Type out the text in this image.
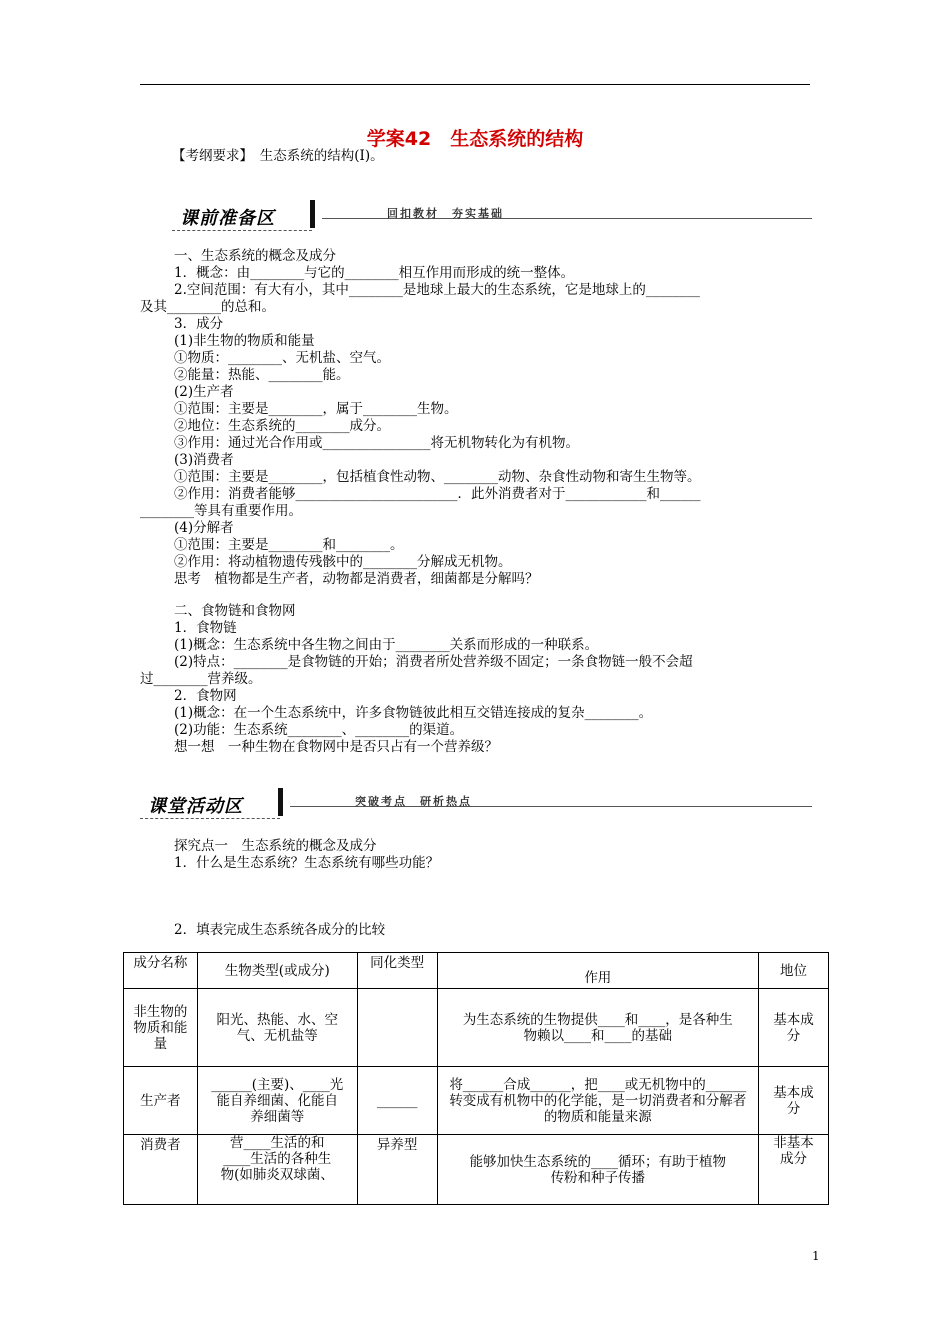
学案42　生态系统的结构
【考纲要求】　生态系统的结构(Ⅰ)。
课前准备区	回扣教材　夯实基础
一、生态系统的概念及成分
1．概念：由________与它的________相互作用而形成的统一整体。
2.空间范围：有大有小，其中________是地球上最大的生态系统，它是地球上的________
及其________的总和。
3．成分
(1)非生物的物质和能量
①物质：________、无机盐、空气。
②能量：热能、________能。
(2)生产者
①范围：主要是________，属于________生物。
②地位：生态系统的________成分。
③作用：通过光合作用或________________将无机物转化为有机物。
(3)消费者
①范围：主要是________，包括植食性动物、________动物、杂食性动物和寄生生物等。
②作用：消费者能够________________________．此外消费者对于____________和______
________等具有重要作用。
(4)分解者
①范围：主要是________和________。
②作用：将动植物遗传残骸中的________分解成无机物。
思考　植物都是生产者，动物都是消费者，细菌都是分解吗？
二、食物链和食物网
1．食物链
(1)概念：生态系统中各生物之间由于________关系而形成的一种联系。
(2)特点：________是食物链的开始；消费者所处营养级不固定；一条食物链一般不会超
过________营养级。
2．食物网
(1)概念：在一个生态系统中，许多食物链彼此相互交错连接成的复杂________。
(2)功能：生态系统________、________的渠道。
想一想　一种生物在食物网中是否只占有一个营养级？
课堂活动区	突破考点　研析热点
探究点一　生态系统的概念及成分
1．什么是生态系统？生态系统有哪些功能？
2．填表完成生态系统各成分的比较
成分名称	生物类型(或成分)	同化类型	作用	地位
非生物的物质和能量	阳光、热能、水、空气、无机盐等		为生态系统的生物提供____和____，是各种生物赖以____和____的基础	基本成分
生产者	______(主要)、____光能自养细菌、化能自养细菌等	______	将______合成______，把____或无机物中的______转变成有机物中的化学能，是一切消费者和分解者的物质和能量来源	基本成分
消费者	营____生活的和____生活的各种生物(如肺炎双球菌、	异养型	能够加快生态系统的____循环；有助于植物传粉和种子传播	非基本成分
1
